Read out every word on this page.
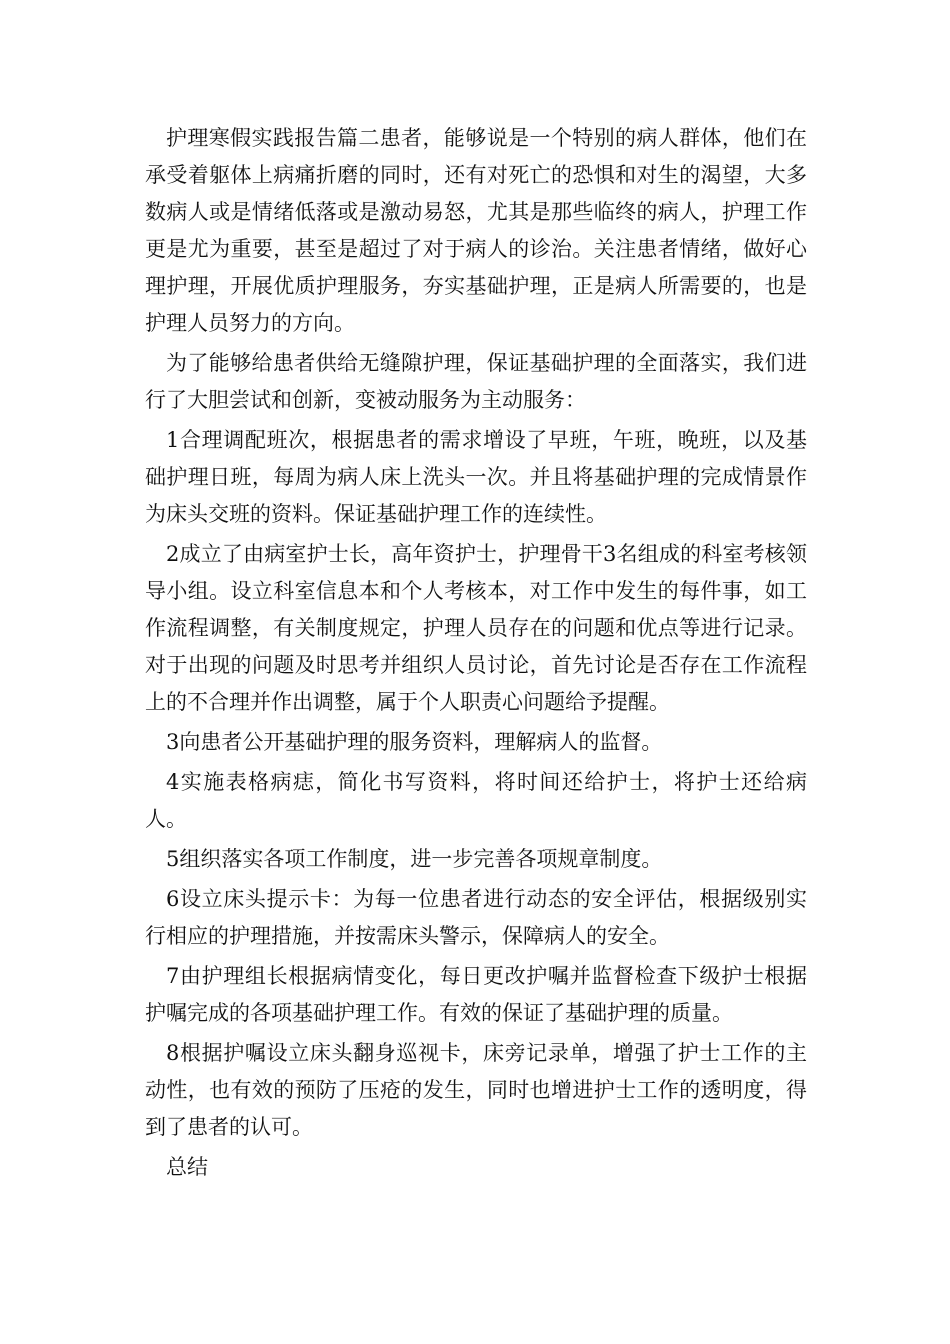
护理寒假实践报告篇二患者，能够说是一个特别的病人群体，他们在承受着躯体上病痛折磨的同时，还有对死亡的恐惧和对生的渴望，大多数病人或是情绪低落或是激动易怒，尤其是那些临终的病人，护理工作更是尤为重要，甚至是超过了对于病人的诊治。关注患者情绪，做好心理护理，开展优质护理服务，夯实基础护理，正是病人所需要的，也是护理人员努力的方向。

为了能够给患者供给无缝隙护理，保证基础护理的全面落实，我们进行了大胆尝试和创新，变被动服务为主动服务：

1合理调配班次，根据患者的需求增设了早班，午班，晚班，以及基础护理日班，每周为病人床上洗头一次。并且将基础护理的完成情景作为床头交班的资料。保证基础护理工作的连续性。

2成立了由病室护士长，高年资护士，护理骨干3名组成的科室考核领导小组。设立科室信息本和个人考核本，对工作中发生的每件事，如工作流程调整，有关制度规定，护理人员存在的问题和优点等进行记录。对于出现的问题及时思考并组织人员讨论，首先讨论是否存在工作流程上的不合理并作出调整，属于个人职责心问题给予提醒。

3向患者公开基础护理的服务资料，理解病人的监督。

4实施表格病痣，简化书写资料，将时间还给护士，将护士还给病人。

5组织落实各项工作制度，进一步完善各项规章制度。

6设立床头提示卡：为每一位患者进行动态的安全评估，根据级别实行相应的护理措施，并按需床头警示，保障病人的安全。

7由护理组长根据病情变化，每日更改护嘱并监督检查下级护士根据护嘱完成的各项基础护理工作。有效的保证了基础护理的质量。

8根据护嘱设立床头翻身巡视卡，床旁记录单，增强了护士工作的主动性，也有效的预防了压疮的发生，同时也增进护士工作的透明度，得到了患者的认可。

总结
